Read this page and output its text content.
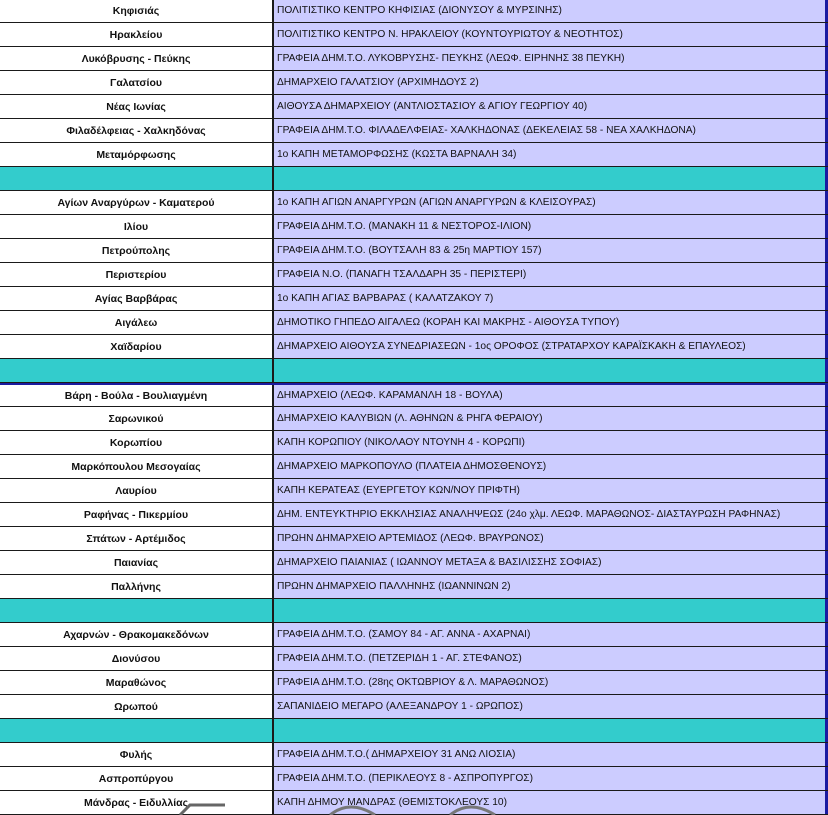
Κηφισιάς	ΠΟΛΙΤΙΣΤΙΚΟ ΚΕΝΤΡΟ ΚΗΦΙΣΙΑΣ (ΔΙΟΝΥΣΟΥ & ΜΥΡΣΙΝΗΣ)
Ηρακλείου	ΠΟΛΙΤΙΣΤΙΚΟ ΚΕΝΤΡΟ Ν. ΗΡΑΚΛΕΙΟΥ (ΚΟΥΝΤΟΥΡΙΩΤΟΥ & ΝΕΟΤΗΤΟΣ)
Λυκόβρυσης - Πεύκης	ΓΡΑΦΕΙΑ ΔΗΜ.Τ.Ο. ΛΥΚΟΒΡΥΣΗΣ- ΠΕΥΚΗΣ (ΛΕΩΦ. ΕΙΡΗΝΗΣ 38 ΠΕΥΚΗ)
Γαλατσίου	ΔΗΜΑΡΧΕΙΟ ΓΑΛΑΤΣΙΟΥ (ΑΡΧΙΜΗΔΟΥΣ 2)
Νέας Ιωνίας	ΑΙΘΟΥΣΑ ΔΗΜΑΡΧΕΙΟΥ (ΑΝΤΛΙΟΣΤΑΣΙΟΥ & ΑΓΙΟΥ ΓΕΩΡΓΙΟΥ 40)
Φιλαδέλφειας - Χαλκηδόνας	ΓΡΑΦΕΙΑ ΔΗΜ.Τ.Ο. ΦΙΛΑΔΕΛΦΕΙΑΣ- ΧΑΛΚΗΔΟΝΑΣ (ΔΕΚΕΛΕΙΑΣ 58 - ΝΕΑ ΧΑΛΚΗΔΟΝΑ)
Μεταμόρφωσης	1ο ΚΑΠΗ ΜΕΤΑΜΟΡΦΩΣΗΣ (ΚΩΣΤΑ ΒΑΡΝΑΛΗ 34)
Αγίων Αναργύρων - Καματερού	1ο ΚΑΠΗ ΑΓΙΩΝ ΑΝΑΡΓΥΡΩΝ (ΑΓΙΩΝ ΑΝΑΡΓΥΡΩΝ & ΚΛΕΙΣΟΥΡΑΣ)
Ιλίου	ΓΡΑΦΕΙΑ ΔΗΜ.Τ.Ο. (ΜΑΝΑΚΗ 11 & ΝΕΣΤΟΡΟΣ-ΙΛΙΟΝ)
Πετρούπολης	ΓΡΑΦΕΙΑ ΔΗΜ.Τ.Ο. (ΒΟΥΤΣΑΛΗ 83 & 25η ΜΑΡΤΙΟΥ 157)
Περιστερίου	ΓΡΑΦΕΙΑ Ν.Ο. (ΠΑΝΑΓΗ ΤΣΑΛΔΑΡΗ 35 - ΠΕΡΙΣΤΕΡΙ)
Αγίας Βαρβάρας	1ο ΚΑΠΗ ΑΓΙΑΣ ΒΑΡΒΑΡΑΣ ( ΚΑΛΑΤΖΑΚΟΥ 7)
Αιγάλεω	ΔΗΜΟΤΙΚΟ ΓΗΠΕΔΟ ΑΙΓΑΛΕΩ (ΚΟΡΑΗ ΚΑΙ ΜΑΚΡΗΣ - ΑΙΘΟΥΣΑ ΤΥΠΟΥ)
Χαϊδαρίου	ΔΗΜΑΡΧΕΙΟ ΑΙΘΟΥΣΑ ΣΥΝΕΔΡΙΑΣΕΩΝ - 1ος ΟΡΟΦΟΣ (ΣΤΡΑΤΑΡΧΟΥ ΚΑΡΑΪΣΚΑΚΗ & ΕΠΑΥΛΕΟΣ)
Βάρη - Βούλα - Βουλιαγμένη	ΔΗΜΑΡΧΕΙΟ (ΛΕΩΦ. ΚΑΡΑΜΑΝΛΗ 18 - ΒΟΥΛΑ)
Σαρωνικού	ΔΗΜΑΡΧΕΙΟ ΚΑΛΥΒΙΩΝ (Λ. ΑΘΗΝΩΝ & ΡΗΓΑ ΦΕΡΑΙΟΥ)
Κορωπίου	ΚΑΠΗ ΚΟΡΩΠΙΟΥ (ΝΙΚΟΛΑΟΥ ΝΤΟΥΝΗ 4 - ΚΟΡΩΠΙ)
Μαρκόπουλου Μεσογαίας	ΔΗΜΑΡΧΕΙΟ ΜΑΡΚΟΠΟΥΛΟ (ΠΛΑΤΕΙΑ ΔΗΜΟΣΘΕΝΟΥΣ)
Λαυρίου	ΚΑΠΗ ΚΕΡΑΤΕΑΣ (ΕΥΕΡΓΕΤΟΥ ΚΩΝ/ΝΟΥ ΠΡΙΦΤΗ)
Ραφήνας - Πικερμίου	ΔΗΜ. ΕΝΤΕΥΚΤΗΡΙΟ ΕΚΚΛΗΣΙΑΣ ΑΝΑΛΗΨΕΩΣ (24ο χλμ. ΛΕΩΦ. ΜΑΡΑΘΩΝΟΣ- ΔΙΑΣΤΑΥΡΩΣΗ ΡΑΦΗΝΑΣ)
Σπάτων - Αρτέμιδος	ΠΡΩΗΝ ΔΗΜΑΡΧΕΙΟ ΑΡΤΕΜΙΔΟΣ (ΛΕΩΦ. ΒΡΑΥΡΩΝΟΣ)
Παιανίας	ΔΗΜΑΡΧΕΙΟ ΠΑΙΑΝΙΑΣ ( ΙΩΑΝΝΟΥ ΜΕΤΑΞΑ & ΒΑΣΙΛΙΣΣΗΣ ΣΟΦΙΑΣ)
Παλλήνης	ΠΡΩΗΝ ΔΗΜΑΡΧΕΙΟ ΠΑΛΛΗΝΗΣ (ΙΩΑΝΝΙΝΩΝ 2)
Αχαρνών - Θρακομακεδόνων	ΓΡΑΦΕΙΑ ΔΗΜ.Τ.Ο. (ΣΑΜΟΥ 84 - ΑΓ. ΑΝΝΑ - ΑΧΑΡΝΑΙ)
Διονύσου	ΓΡΑΦΕΙΑ ΔΗΜ.Τ.Ο. (ΠΕΤΖΕΡΙΔΗ 1 - ΑΓ. ΣΤΕΦΑΝΟΣ)
Μαραθώνος	ΓΡΑΦΕΙΑ ΔΗΜ.Τ.Ο. (28ης ΟΚΤΩΒΡΙΟΥ & Λ. ΜΑΡΑΘΩΝΟΣ)
Ωρωπού	ΣΑΠΑΝΙΔΕΙΟ ΜΕΓΑΡΟ (ΑΛΕΞΑΝΔΡΟΥ 1 - ΩΡΩΠΟΣ)
Φυλής	ΓΡΑΦΕΙΑ ΔΗΜ.Τ.Ο.( ΔΗΜΑΡΧΕΙΟΥ 31 ΑΝΩ ΛΙΟΣΙΑ)
Ασπροπύργου	ΓΡΑΦΕΙΑ ΔΗΜ.Τ.Ο. (ΠΕΡΙΚΛΕΟΥΣ 8 - ΑΣΠΡΟΠΥΡΓΟΣ)
Μάνδρας - Ειδυλλίας	ΚΑΠΗ ΔΗΜΟΥ ΜΑΝΔΡΑΣ (ΘΕΜΙΣΤΟΚΛΕΟΥΣ 10)
